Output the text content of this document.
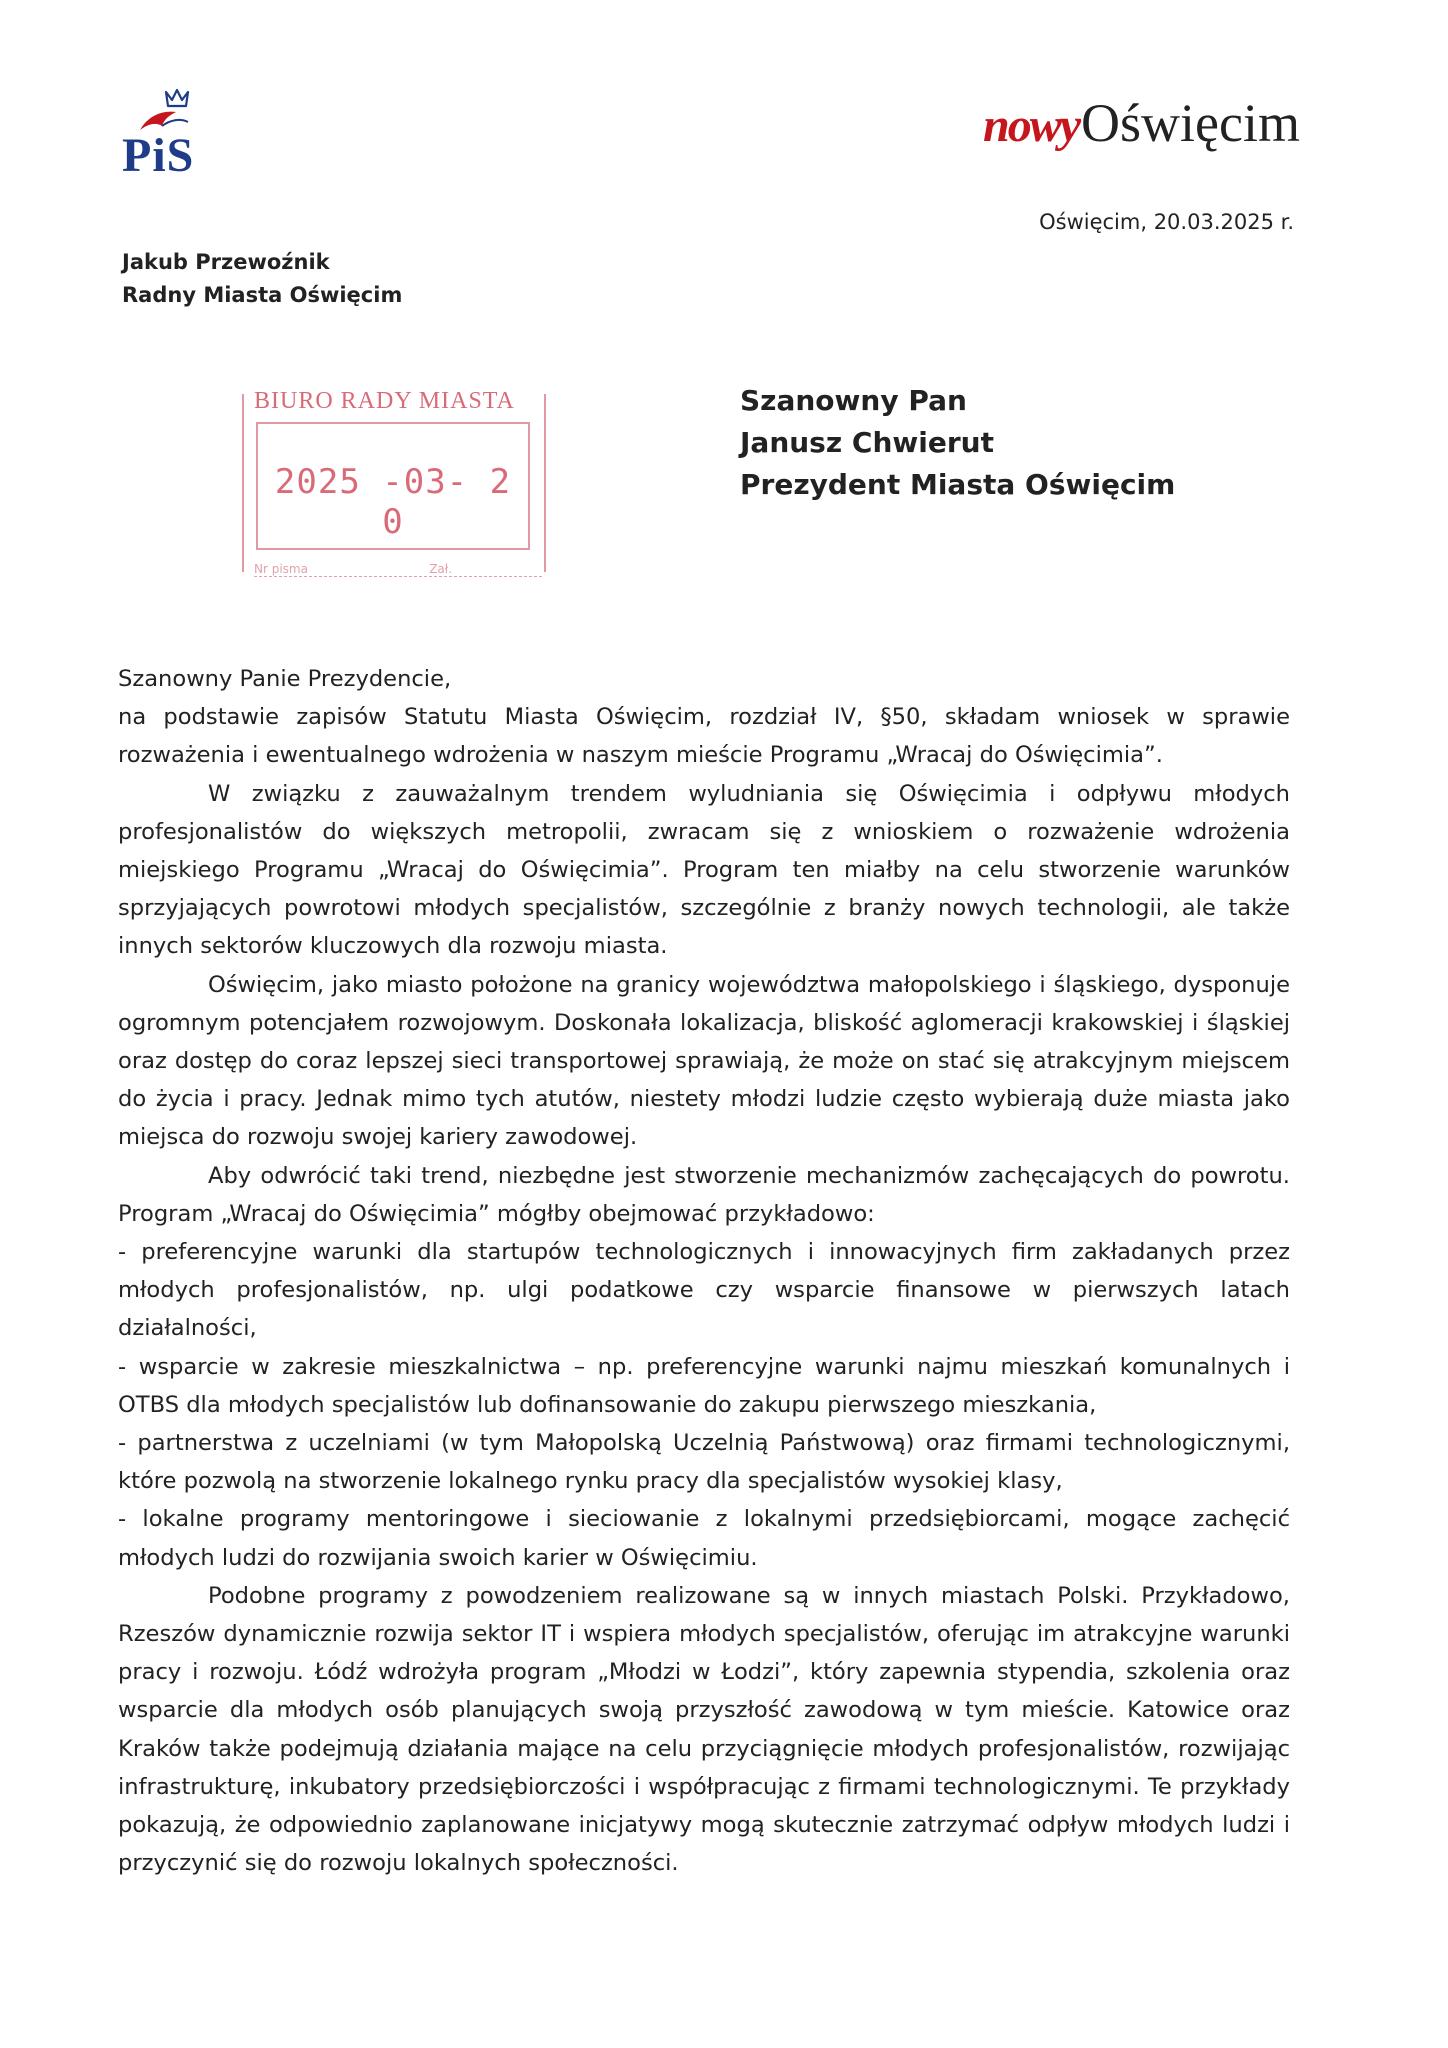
PiS
nowy Oświęcim
Oświęcim, 20.03.2025 r.
Jakub Przewoźnik
Radny Miasta Oświęcim
BIURO RADY MIASTA
2025 -03- 2 0
Nr pisma	Zał.
Szanowny Pan
Janusz Chwierut
Prezydent Miasta Oświęcim

Szanowny Panie Prezydencie,

na podstawie zapisów Statutu Miasta Oświęcim, rozdział IV, §50, składam wniosek w sprawie rozważenia i ewentualnego wdrożenia w naszym mieście Programu „Wracaj do Oświęcimia”.

W związku z zauważalnym trendem wyludniania się Oświęcimia i odpływu młodych profesjonalistów do większych metropolii, zwracam się z wnioskiem o rozważenie wdrożenia miejskiego Programu „Wracaj do Oświęcimia”. Program ten miałby na celu stworzenie warunków sprzyjających powrotowi młodych specjalistów, szczególnie z branży nowych technologii, ale także innych sektorów kluczowych dla rozwoju miasta.

Oświęcim, jako miasto położone na granicy województwa małopolskiego i śląskiego, dysponuje ogromnym potencjałem rozwojowym. Doskonała lokalizacja, bliskość aglomeracji krakowskiej i śląskiej oraz dostęp do coraz lepszej sieci transportowej sprawiają, że może on stać się atrakcyjnym miejscem do życia i pracy. Jednak mimo tych atutów, niestety młodzi ludzie często wybierają duże miasta jako miejsca do rozwoju swojej kariery zawodowej.

Aby odwrócić taki trend, niezbędne jest stworzenie mechanizmów zachęcających do powrotu. Program „Wracaj do Oświęcimia” mógłby obejmować przykładowo:

- preferencyjne warunki dla startupów technologicznych i innowacyjnych firm zakładanych przez młodych profesjonalistów, np. ulgi podatkowe czy wsparcie finansowe w pierwszych latach działalności,

- wsparcie w zakresie mieszkalnictwa – np. preferencyjne warunki najmu mieszkań komunalnych i OTBS dla młodych specjalistów lub dofinansowanie do zakupu pierwszego mieszkania,

- partnerstwa z uczelniami (w tym Małopolską Uczelnią Państwową) oraz firmami technologicznymi, które pozwolą na stworzenie lokalnego rynku pracy dla specjalistów wysokiej klasy,

- lokalne programy mentoringowe i sieciowanie z lokalnymi przedsiębiorcami, mogące zachęcić młodych ludzi do rozwijania swoich karier w Oświęcimiu.

Podobne programy z powodzeniem realizowane są w innych miastach Polski. Przykładowo, Rzeszów dynamicznie rozwija sektor IT i wspiera młodych specjalistów, oferując im atrakcyjne warunki pracy i rozwoju. Łódź wdrożyła program „Młodzi w Łodzi”, który zapewnia stypendia, szkolenia oraz wsparcie dla młodych osób planujących swoją przyszłość zawodową w tym mieście. Katowice oraz Kraków także podejmują działania mające na celu przyciągnięcie młodych profesjonalistów, rozwijając infrastrukturę, inkubatory przedsiębiorczości i współpracując z firmami technologicznymi. Te przykłady pokazują, że odpowiednio zaplanowane inicjatywy mogą skutecznie zatrzymać odpływ młodych ludzi i przyczynić się do rozwoju lokalnych społeczności.
